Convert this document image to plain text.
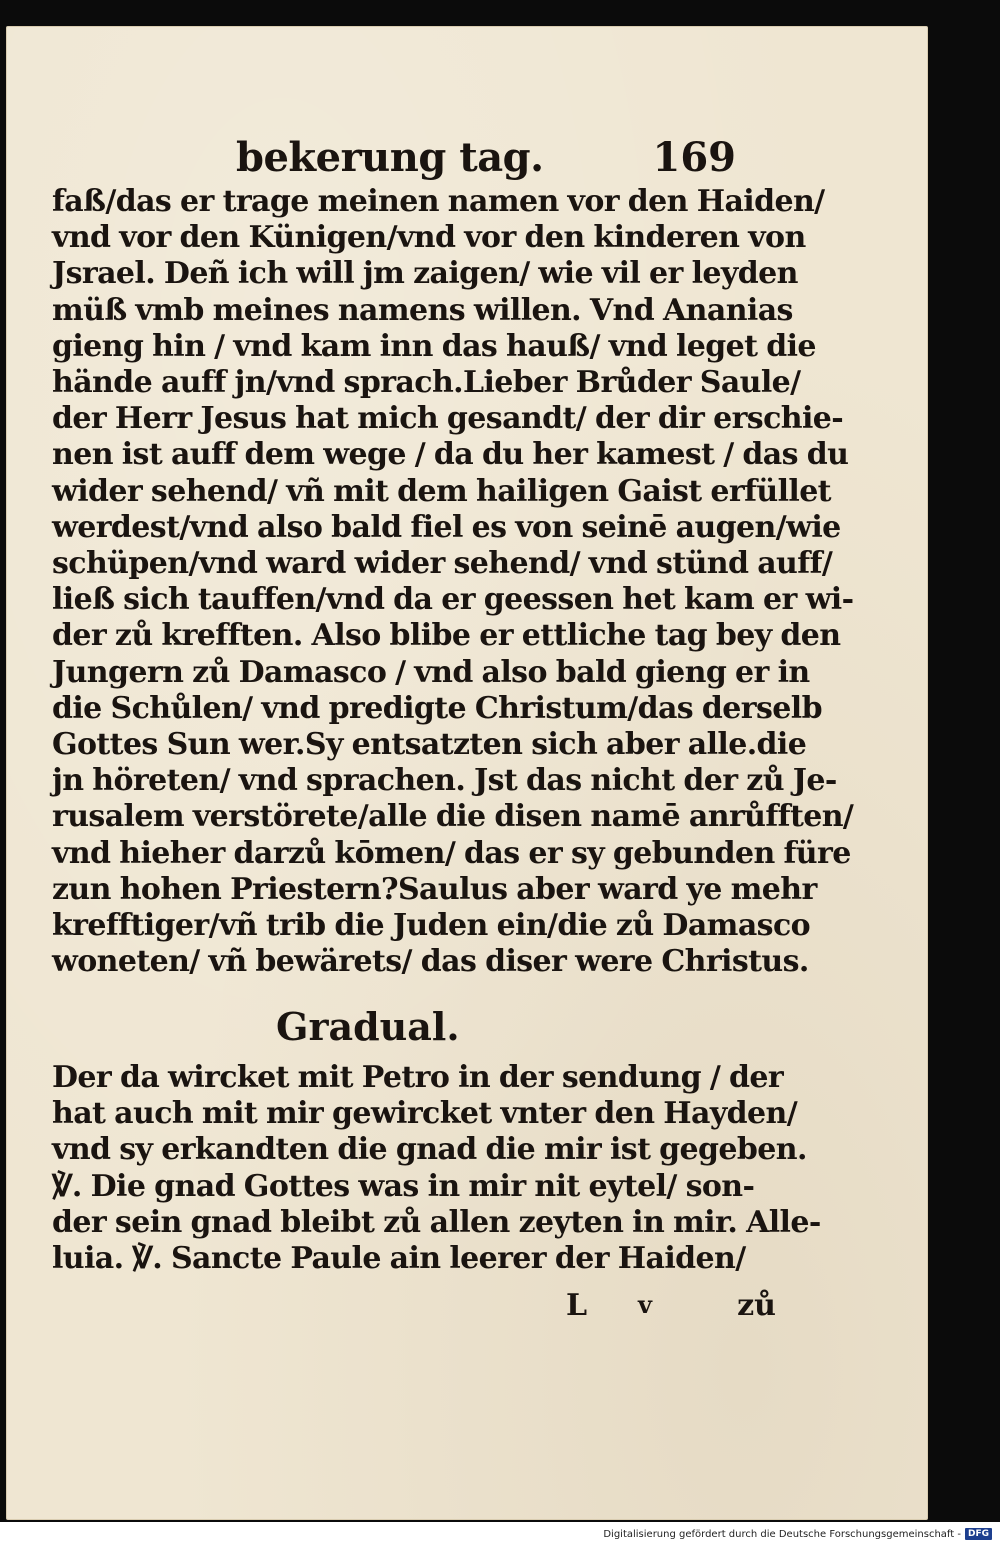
bekerung tag.	169
faß/das er trage meinen namen vor den Haiden/
vnd vor den Künigen/vnd vor den kinderen von
Jsrael. Deñ ich will jm zaigen/ wie vil er leyden
müß vmb meines namens willen. Vnd Ananias
gieng hin / vnd kam inn das hauß/ vnd leget die
hände auff jn/vnd sprach.Lieber Brůder Saule/
der Herr Jesus hat mich gesandt/ der dir erschie-
nen ist auff dem wege / da du her kamest / das du
wider sehend/ vñ mit dem hailigen Gaist erfüllet
werdest/vnd also bald fiel es von seinē augen/wie
schüpen/vnd ward wider sehend/ vnd stünd auff/
ließ sich tauffen/vnd da er geessen het kam er wi-
der zů krefften. Also blibe er ettliche tag bey den
Jungern zů Damasco / vnd also bald gieng er in
die Schůlen/ vnd predigte Christum/das derselb
Gottes Sun wer.Sy entsatzten sich aber alle.die
jn höreten/ vnd sprachen. Jst das nicht der zů Je-
rusalem verstörete/alle die disen namē anrůfften/
vnd hieher darzů kōmen/ das er sy gebunden füre
zun hohen Priestern?Saulus aber ward ye mehr
krefftiger/vñ trib die Juden ein/die zů Damasco
woneten/ vñ bewärets/ das diser were Christus.
Gradual.
Der da wircket mit Petro in der sendung / der
hat auch mit mir gewircket vnter den Hayden/
vnd sy erkandten die gnad die mir ist gegeben.
℣. Die gnad Gottes was in mir nit eytel/ son-
der sein gnad bleibt zů allen zeyten in mir. Alle-
luia. ℣. Sancte Paule ain leerer der Haiden/
L v	zů
Digitalisierung gefördert durch die Deutsche Forschungsgemeinschaft - DFG
